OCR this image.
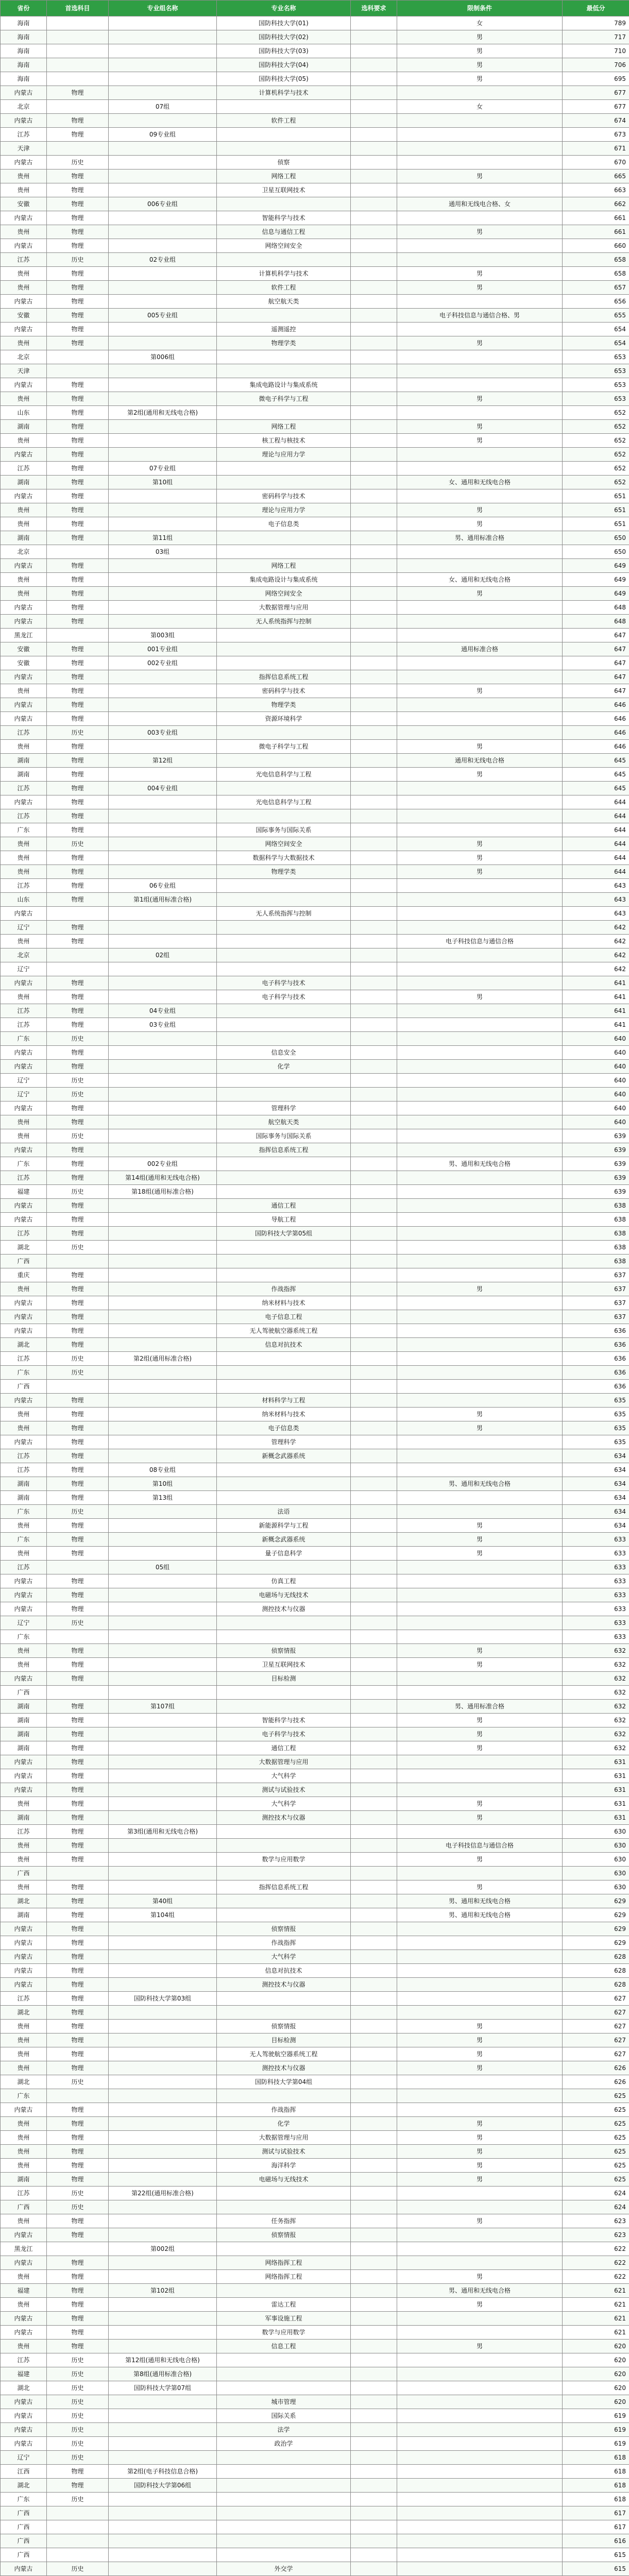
省份	首选科目	专业组名称	专业名称	选科要求	限制条件	最低分
海南			国防科技大学(01)		女	789
海南			国防科技大学(02)		男	717
海南			国防科技大学(03)		男	710
海南			国防科技大学(04)		男	706
海南			国防科技大学(05)		男	695
内蒙古	物理		计算机科学与技术			677
北京		07组			女	677
内蒙古	物理		软件工程			674
江苏	物理	09专业组				673
天津						671
内蒙古	历史		侦察			670
贵州	物理		网络工程		男	665
贵州	物理		卫星互联网技术			663
安徽	物理	006专业组			通用和无线电合格、女	662
内蒙古	物理		智能科学与技术			661
贵州	物理		信息与通信工程		男	661
内蒙古	物理		网络空间安全			660
江苏	历史	02专业组				658
贵州	物理		计算机科学与技术		男	658
贵州	物理		软件工程		男	657
内蒙古	物理		航空航天类			656
安徽	物理	005专业组			电子科技信息与通信合格、男	655
内蒙古	物理		遥测遥控			654
贵州	物理		物理学类		男	654
北京		第006组				653
天津						653
内蒙古	物理		集成电路设计与集成系统			653
贵州	物理		微电子科学与工程		男	653
山东	物理	第2组(通用和无线电合格)				652
湖南	物理		网络工程		男	652
贵州	物理		核工程与核技术		男	652
内蒙古	物理		理论与应用力学			652
江苏	物理	07专业组				652
湖南	物理	第10组			女、通用和无线电合格	652
内蒙古	物理		密码科学与技术			651
贵州	物理		理论与应用力学		男	651
贵州	物理		电子信息类		男	651
湖南	物理	第11组			男、通用标准合格	650
北京		03组				650
内蒙古	物理		网络工程			649
贵州	物理		集成电路设计与集成系统		女、通用和无线电合格	649
贵州	物理		网络空间安全		男	649
内蒙古	物理		大数据管理与应用			648
内蒙古	物理		无人系统指挥与控制			648
黑龙江		第003组				647
安徽	物理	001专业组			通用标准合格	647
安徽	物理	002专业组				647
内蒙古	物理		指挥信息系统工程			647
贵州	物理		密码科学与技术		男	647
内蒙古	物理		物理学类			646
内蒙古	物理		资源环境科学			646
江苏	历史	003专业组				646
贵州	物理		微电子科学与工程		男	646
湖南	物理	第12组			通用和无线电合格	645
湖南	物理		光电信息科学与工程		男	645
江苏	物理	004专业组				645
内蒙古	物理		光电信息科学与工程			644
江苏	物理					644
广东	物理		国际事务与国际关系			644
贵州	历史		网络空间安全		男	644
贵州	物理		数据科学与大数据技术		男	644
贵州	物理		物理学类		男	644
江苏	物理	06专业组				643
山东	物理	第1组(通用标准合格)				643
内蒙古			无人系统指挥与控制			643
辽宁	物理					642
贵州	物理				电子科技信息与通信合格	642
北京		02组				642
辽宁						642
内蒙古	物理		电子科学与技术			641
贵州	物理		电子科学与技术		男	641
江苏	物理	04专业组				641
江苏	物理	03专业组				641
广东	历史					640
内蒙古	物理		信息安全			640
内蒙古	物理		化学			640
辽宁	历史					640
辽宁	历史					640
内蒙古	物理		管理科学			640
贵州	物理		航空航天类			640
贵州	历史		国际事务与国际关系			639
内蒙古	物理		指挥信息系统工程			639
广东	物理	002专业组			男、通用和无线电合格	639
江苏	物理	第14组(通用和无线电合格)				639
福建	历史	第18组(通用标准合格)				639
内蒙古	物理		通信工程			638
内蒙古	物理		导航工程			638
江苏	物理		国防科技大学第05组			638
湖北	历史					638
广西						638
重庆	物理					637
贵州	物理		作战指挥		男	637
内蒙古	物理		纳米材料与技术			637
内蒙古	物理		电子信息工程			637
内蒙古	物理		无人驾驶航空器系统工程			636
湖北	物理		信息对抗技术			636
江苏	历史	第2组(通用标准合格)				636
广东	历史					636
广西						636
内蒙古	物理		材料科学与工程			635
贵州	物理		纳米材料与技术		男	635
贵州	物理		电子信息类		男	635
内蒙古	物理		管理科学			635
江苏	物理		新概念武器系统			634
江苏	物理	08专业组				634
湖南	物理	第10组			男、通用和无线电合格	634
湖南	物理	第13组				634
广东	历史		法语			634
贵州	物理		新能源科学与工程		男	634
广东	物理		新概念武器系统		男	633
贵州	物理		量子信息科学		男	633
江苏		05组				633
内蒙古	物理		仿真工程			633
内蒙古	物理		电磁场与无线技术			633
内蒙古	物理		测控技术与仪器			633
辽宁	历史					633
广东						633
贵州	物理		侦察情报		男	632
贵州	物理		卫星互联网技术		男	632
内蒙古	物理		目标检测			632
广西						632
湖南	物理	第107组			男、通用标准合格	632
湖南	物理		智能科学与技术		男	632
湖南	物理		电子科学与技术		男	632
湖南	物理		通信工程		男	632
内蒙古	物理		大数据管理与应用			631
内蒙古	物理		大气科学			631
内蒙古	物理		测试与试验技术			631
贵州	物理		大气科学		男	631
湖南	物理		测控技术与仪器		男	631
江苏	物理	第3组(通用和无线电合格)				630
贵州	物理				电子科技信息与通信合格	630
贵州	物理		数学与应用数学		男	630
广西						630
贵州	物理		指挥信息系统工程		男	630
湖北	物理	第40组			男、通用和无线电合格	629
湖南	物理	第104组			男、通用和无线电合格	629
内蒙古	物理		侦察情报			629
内蒙古	物理		作战指挥			629
内蒙古	物理		大气科学			628
内蒙古	物理		信息对抗技术			628
内蒙古	物理		测控技术与仪器			628
江苏	物理	国防科技大学第03组				627
湖北	物理					627
贵州	物理		侦察情报		男	627
贵州	物理		目标检测		男	627
贵州	物理		无人驾驶航空器系统工程		男	627
贵州	物理		测控技术与仪器		男	626
湖北	历史		国防科技大学第04组			626
广东						625
内蒙古	物理		作战指挥			625
贵州	物理		化学		男	625
贵州	物理		大数据管理与应用		男	625
贵州	物理		测试与试验技术		男	625
贵州	物理		海洋科学		男	625
湖南	物理		电磁场与无线技术		男	625
江苏	历史	第22组(通用标准合格)				624
广西	历史					624
贵州	物理		任务指挥		男	623
内蒙古	物理		侦察情报			623
黑龙江		第002组				622
内蒙古	物理		网络指挥工程			622
贵州	物理		网络指挥工程		男	622
福建	物理	第102组			男、通用和无线电合格	621
贵州	物理		雷达工程		男	621
内蒙古	物理		军事设施工程			621
内蒙古	物理		数学与应用数学			621
贵州	物理		信息工程		男	620
江苏	历史	第12组(通用和无线电合格)				620
福建	历史	第8组(通用标准合格)				620
湖北	历史	国防科技大学第07组				620
内蒙古	历史		城市管理			620
内蒙古	历史		国际关系			619
内蒙古	历史		法学			619
内蒙古	历史		政治学			619
辽宁	历史					618
江西	物理	第2组(电子科技信息合格)				618
湖北	物理	国防科技大学第06组				618
广东	历史					618
广西						617
广西						617
广西						616
广西						615
内蒙古	历史		外交学			615
